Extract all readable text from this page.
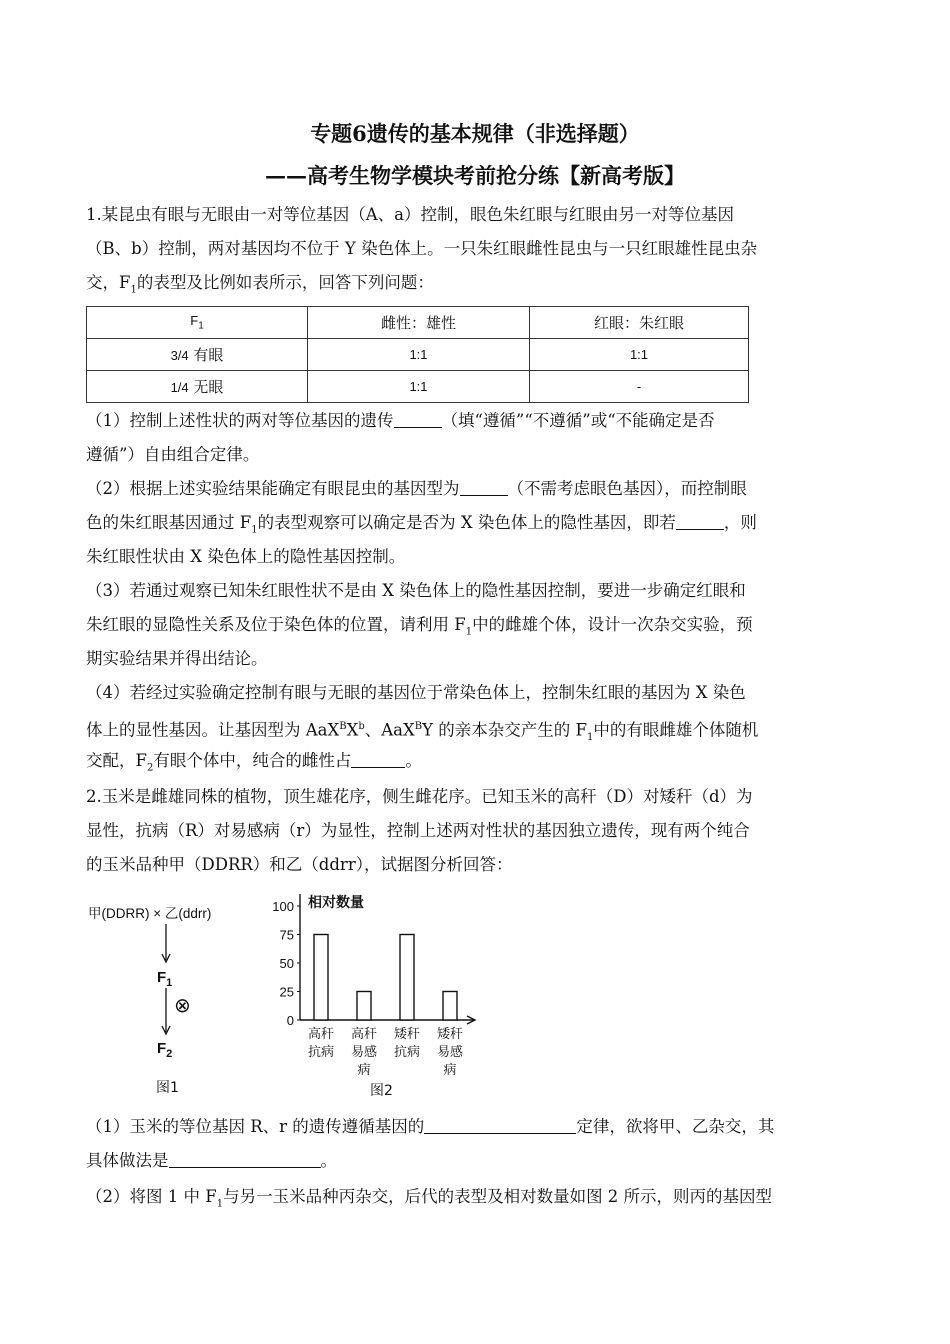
专题6遗传的基本规律（非选择题）
——高考生物学模块考前抢分练【新高考版】
1.某昆虫有眼与无眼由一对等位基因（A、a）控制，眼色朱红眼与红眼由另一对等位基因
（B、b）控制，两对基因均不位于 Y 染色体上。一只朱红眼雌性昆虫与一只红眼雄性昆虫杂
交，$F_1$的表型及比例如表所示，回答下列问题：
$F_1$	雌性：雄性	红眼：朱红眼
3/4 有眼	1:1	1:1
1/4 无眼	1:1	-
（1）控制上述性状的两对等位基因的遗传	（填“遵循”“不遵循”或“不能确定是否
遵循”）自由组合定律。
（2）根据上述实验结果能确定有眼昆虫的基因型为	（不需考虑眼色基因），而控制眼
色的朱红眼基因通过 $F_1$的表型观察可以确定是否为 X 染色体上的隐性基因，即若	，则
朱红眼性状由 X 染色体上的隐性基因控制。
（3）若通过观察已知朱红眼性状不是由 X 染色体上的隐性基因控制，要进一步确定红眼和
朱红眼的显隐性关系及位于染色体的位置，请利用 $F_1$中的雌雄个体，设计一次杂交实验，预
期实验结果并得出结论。
（4）若经过实验确定控制有眼与无眼的基因位于常染色体上，控制朱红眼的基因为 X 染色
体上的显性基因。让基因型为 $AaX^BX^b$、AaX$^B$Y 的亲本杂交产生的 $F_1$中的有眼雌雄个体随机
交配，$F_2$有眼个体中，纯合的雌性占	。
2.玉米是雌雄同株的植物，顶生雄花序，侧生雌花序。已知玉米的高秆（D）对矮秆（d）为
显性，抗病（R）对易感病（r）为显性，控制上述两对性状的基因独立遗传，现有两个纯合
的玉米品种甲（DDRR）和乙（ddrr），试据图分析回答：
甲(DDRR) × 乙(ddrr)
$F_1$
⊗
$F_2$
图1
相对数量
100
75
50
25
0
高秆
抗病
高秆
易感
病
矮秆
抗病
矮秆
易感
病
图2
（1）玉米的等位基因 R、r 的遗传遵循基因的	定律，欲将甲、乙杂交，其
具体做法是	。
（2）将图 1 中 $F_1$与另一玉米品种丙杂交，后代的表型及相对数量如图 2 所示，则丙的基因型
